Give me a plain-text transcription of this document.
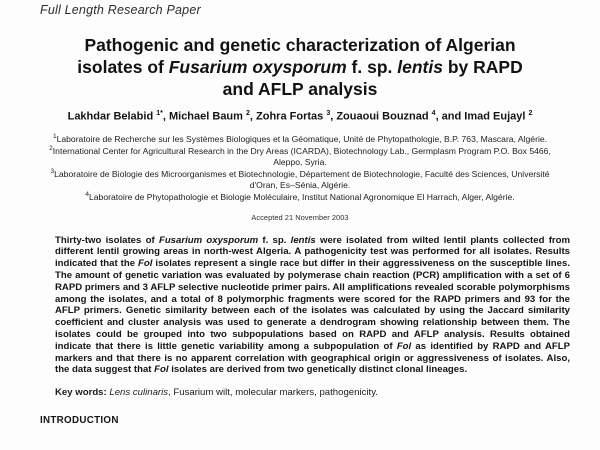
Full Length Research Paper
Pathogenic and genetic characterization of Algerian isolates of Fusarium oxysporum f. sp. lentis by RAPD and AFLP analysis
Lakhdar Belabid $^{1*}$, Michael Baum $^2$, Zohra Fortas $^3$, Zouaoui Bouznad $^4$, and Imad Eujayl $^2$
$^1$Laboratoire de Recherche sur les Systèmes Biologiques et la Géomatique, Unité de Phytopathologie, B.P. 763, Mascara, Algérie.
$^2$International Center for Agricultural Research in the Dry Areas (ICARDA), Biotechnology Lab., Germplasm Program P.O. Box 5466, Aleppo, Syria.
$^3$Laboratoire de Biologie des Microorganismes et Biotechnologie, Département de Biotechnologie, Faculté des Sciences, Université d'Oran, Es–Sénia, Algérie.
$^4$Laboratoire de Phytopathologie et Biologie Moléculaire, Institut National Agronomique El Harrach, Alger, Algérie.
Accepted 21 November 2003
Thirty-two isolates of Fusarium oxysporum f. sp. lentis were isolated from wilted lentil plants collected from different lentil growing areas in north-west Algeria. A pathogenicity test was performed for all isolates. Results indicated that the Fol isolates represent a single race but differ in their aggressiveness on the susceptible lines. The amount of genetic variation was evaluated by polymerase chain reaction (PCR) amplification with a set of 6 RAPD primers and 3 AFLP selective nucleotide primer pairs. All amplifications revealed scorable polymorphisms among the isolates, and a total of 8 polymorphic fragments were scored for the RAPD primers and 93 for the AFLP primers. Genetic similarity between each of the isolates was calculated by using the Jaccard similarity coefficient and cluster analysis was used to generate a dendrogram showing relationship between them. The isolates could be grouped into two subpopulations based on RAPD and AFLP analysis. Results obtained indicate that there is little genetic variability among a subpopulation of Fol as identified by RAPD and AFLP markers and that there is no apparent correlation with geographical origin or aggressiveness of isolates. Also, the data suggest that Fol isolates are derived from two genetically distinct clonal lineages.
Key words: Lens culinaris, Fusarium wilt, molecular markers, pathogenicity.
INTRODUCTION
